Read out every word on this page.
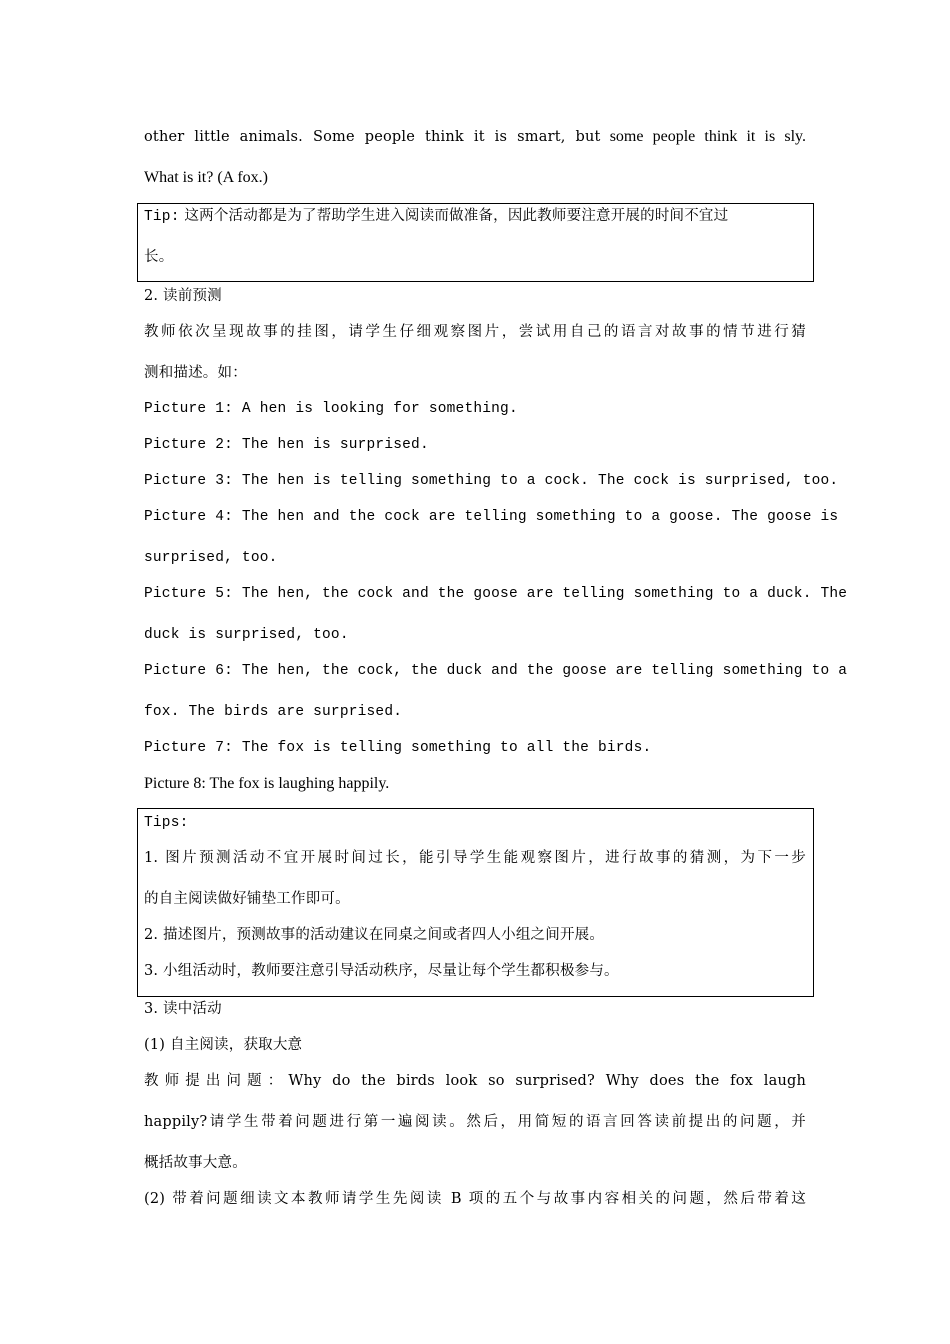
other little animals. Some people think it is smart, but some people think it is sly.
What is it? (A fox.)
Tip: 这两个活动都是为了帮助学生进入阅读而做准备，因此教师要注意开展的时间不宜过
长。
2. 读前预测
教师依次呈现故事的挂图，请学生仔细观察图片，尝试用自己的语言对故事的情节进行猜
测和描述。如：
Picture 1: A hen is looking for something.
Picture 2: The hen is surprised.
Picture 3: The hen is telling something to a cock. The cock is surprised, too.
Picture 4: The hen and the cock are telling something to a goose. The goose is
surprised, too.
Picture 5: The hen, the cock and the goose are telling something to a duck. The
duck is surprised, too.
Picture 6: The hen, the cock, the duck and the goose are telling something to a
fox. The birds are surprised.
Picture 7: The fox is telling something to all the birds.
Picture 8: The fox is laughing happily.
Tips:
1. 图片预测活动不宜开展时间过长，能引导学生能观察图片，进行故事的猜测，为下一步
的自主阅读做好铺垫工作即可。
2. 描述图片，预测故事的活动建议在同桌之间或者四人小组之间开展。
3. 小组活动时，教师要注意引导活动秩序，尽量让每个学生都积极参与。
3. 读中活动
(1) 自主阅读，获取大意
教师提出问题：Why do the birds look so surprised? Why does the fox laugh
happily?请学生带着问题进行第一遍阅读。然后，用简短的语言回答读前提出的问题，并
概括故事大意。
(2) 带着问题细读文本教师请学生先阅读 B 项的五个与故事内容相关的问题，然后带着这
